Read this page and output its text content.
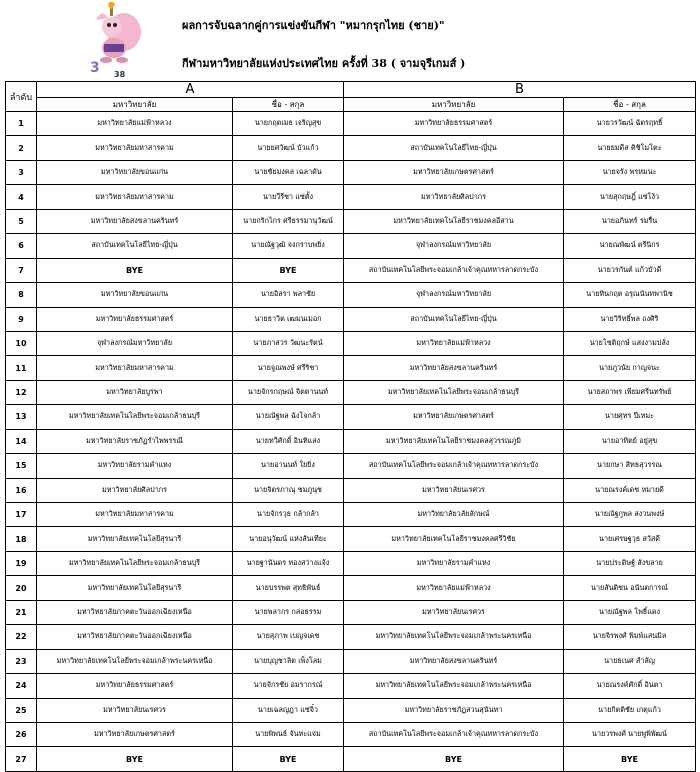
3 38
ผลการจับฉลากคู่การแข่งขันกีฬา "หมากรุกไทย (ชาย)"
กีฬามหาวิทยาลัยแห่งประเทศไทย ครั้งที่ 38 ( จามจุรีเกมส์ )
ลำดับ	A		B	
	มหาวิทยาลัย	ชื่อ - สกุล	มหาวิทยาลัย	ชื่อ - สกุล
1	มหาวิทยาลัยแม่ฟ้าหลวง	นายกฤตเมธ เจริญสุข	มหาวิทยาลัยธรรมศาสตร์	นายวรวัฒน์ ฉัตรฤทธิ์
2	มหาวิทยาลัยมหาสารคาม	นายยศวัฒน์ บัวแก้ว	สถาบันเทคโนโลยีไทย-ญี่ปุ่น	นายยมดีส คิชิโมโตะ
3	มหาวิทยาลัยขอนแก่น	นายชัยมงคล เฉลาดัน	มหาวิทยาลัยเกษตรศาสตร์	นายจรัง พรหมนะ
4	มหาวิทยาลัยมหาสารคาม	นายวีรีชา แซ่ตั้ง	มหาวิทยาลัยศิลปากร	นายสุกฤษฎิ์ แซ่โง้ว
5	มหาวิทยาลัยสงขลานครินทร์	นายกริกไกร ศรีธรรมานุวัฒน์	มหาวิทยาลัยเทคโนโลยีราชมงคลอีสาน	นายอภินทร์ รมรื่น
6	สถาบันเทคโนโลยีไทย-ญี่ปุ่น	นายณัฐวุฒิ จงกราบพยิ่ง	จุฬาลงกรณ์มหาวิทยาลัย	นายณพัฒน์ ตรีนิกร
7	BYE	BYE	สถาบันเทคโนโลยีพระจอมเกล้าเจ้าคุณทหารลาดกระบัง	นายวรกันต์ แก้วบัวดี
8	มหาวิทยาลัยขอนแก่น	นายอิสรา พลาชัย	จุฬาลงกรณ์มหาวิทยาลัย	นายทินกฤต อรุณนันทพานิช
9	มหาวิทยาลัยธรรมศาสตร์	นายธาวิต เฒมนเมอก	สถาบันเทคโนโลยีไทย-ญี่ปุ่น	นายวิริทธิ์พล ถงศิริ
10	จุฬาลงกรณ์มหาวิทยาลัย	นายภาสวร วัฒนะรัตน์	มหาวิทยาลัยแม่ฟ้าหลวง	นายโชติฤกษ์ แสงงามปลั่ง
11	มหาวิทยาลัยมหาสารคาม	นายจูณพงษ์ ศรีริชา	มหาวิทยาลัยสงขลานครินทร์	นายภูวนัย กาญจนะ
12	มหาวิทยาลัยบูรพา	นายจักรกฤษณ์ จิตตานนท์	มหาวิทยาลัยเทคโนโลยีพระจอมเกล้าธนบุรี	นายสถาพร เพียมศรีนทรัพย์
13	มหาวิทยาลัยเทคโนโลยีพระจอมเกล้าธนบุรี	นายณัฐพล ฉังโจกล้า	มหาวิทยาลัยเกษตรศาสตร์	นายศุทร ปีเหมะ
14	มหาวิทยาลัยราชภัฏรำไพพรรณี	นายทวีศักดิ์ อินทิแสง	มหาวิทยาลัยเทคโนโลยีราชมงคลสุวรรณภูมิ	นายอาทิตย์ อยู่สุข
15	มหาวิทยาลัยรามคำแหง	นายอานนท์ ใยยิ่ง	สถาบันเทคโนโลยีพระจอมเกล้าเจ้าคุณทหารลาดกระบัง	นายกษา สิทธสุวรรณ
16	มหาวิทยาลัยศิลปากร	นายจิตรภาณุ ชมภูนุช	มหาวิทยาลัยนเรศวร	นายณรงค์เดช หมายดี
17	มหาวิทยาลัยมหาสารคาม	นายจักรวุธ กล้ากล้า	มหาวิทยาลัยวลัยลักษณ์	นายณัฐกูพล สงวนพงษ์
18	มหาวิทยาลัยเทคโนโลยีสุรนารี	นายอนุวัฒน์ แห่งสันเทียะ	มหาวิทยาลัยเทคโนโลยีราชมงคลศรีวิชัย	นายเศรษฐวุธ สวัสดี
19	มหาวิทยาลัยเทคโนโลยีพระจอมเกล้าธนบุรี	นายฐานันดร ทองสว่างแจ้ง	มหาวิทยาลัยรามคำแหง	นายประดิษฐ์ สังขลาย
20	มหาวิทยาลัยเทคโนโลยีสุรนารี	นายบรรพต สุทธิพันธ์	มหาวิทยาลัยแม่ฟ้าหลวง	นายสันติชน อนันตการณ์
21	มหาวิทยาลัยภาคตะวันออกเฉียงเหนือ	นายพลากร กล่อธรรม	มหาวิทยาลัยนเรศวร	นายณัฐพล โพธิ์แดง
22	มหาวิทยาลัยภาคตะวันออกเฉียงเหนือ	นายสุภาพ เบญจเดช	มหาวิทยาลัยเทคโนโลยีพระจอมเกล้าพระนครเหนือ	นายจิรพงศ์ พิมพ์แสนมิล
23	มหาวิทยาลัยเทคโนโลยีพระจอมเกล้าพระนครเหนือ	นายบุญชาลิต เพ็งโลม	มหาวิทยาลัยสงขลานครินทร์	นายธเนศ สำลัญ
24	มหาวิทยาลัยธรรมศาสตร์	นายจักรชัย อมรากรณ์	มหาวิทยาลัยเทคโนโลยีพระจอมเกล้าพระนครเหนือ	นายณรงค์ศักดิ์ อินตา
25	มหาวิทยาลัยนเรศวร	นายเฉลญฎา แซ่จิ๋ว	มหาวิทยาลัยราชภัฏสวนสุนันทา	นายกิตติชัย เกตุแก้ว
26	มหาวิทยาลัยเกษตรศาสตร์	นายพิพนธ์ จันทะแจ่ม	สถาบันเทคโนโลยีพระจอมเกล้าเจ้าคุณทหารลาดกระบัง	นายวรพงศ์ นายพูพิพัฒน์
27	BYE	BYE	BYE	BYE
